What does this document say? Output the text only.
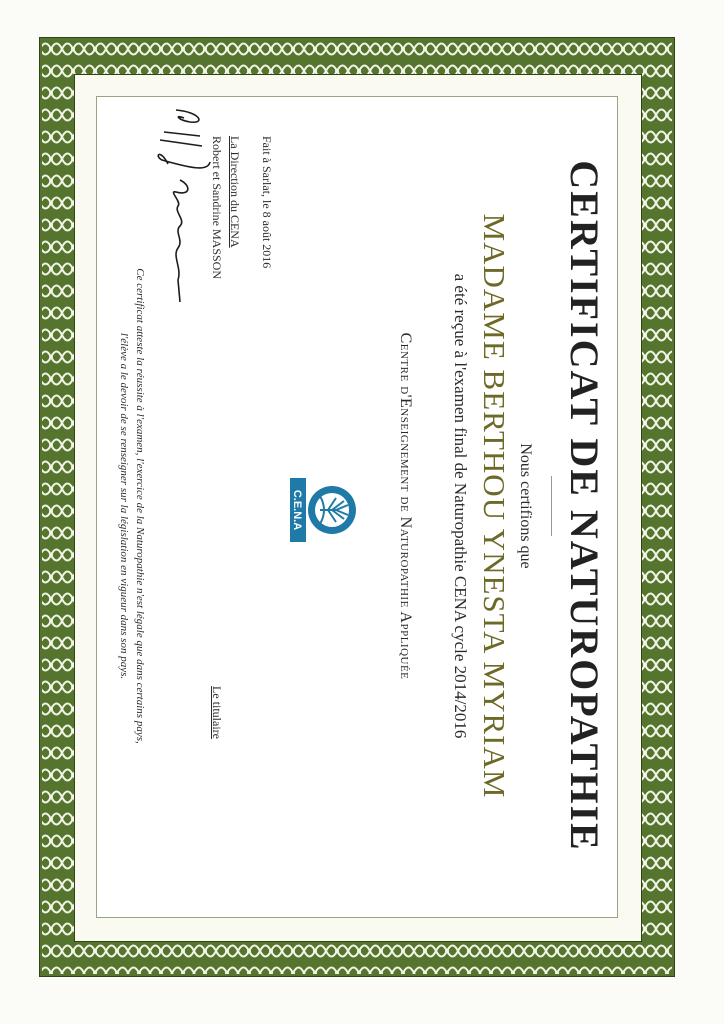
CERTIFICAT DE NATUROPATHIE
Nous certifions que
MADAME BERTHOU YNESTA MYRIAM
a été reçue à l'examen final de Naturopathie CENA cycle 2014/2016
Centre d'Enseignement de Naturopathie Appliquée
C.E.N.A
Fait à Sarlat, le 8 août 2016
La Direction du CENA
Robert et Sandrine MASSON
Le titulaire
Ce certificat atteste la réussite à l'examen, l'exercice de la Naturopathie n'est légale que dans certains pays,
l'élève a le devoir de se renseigner sur la législation en vigueur dans son pays.
